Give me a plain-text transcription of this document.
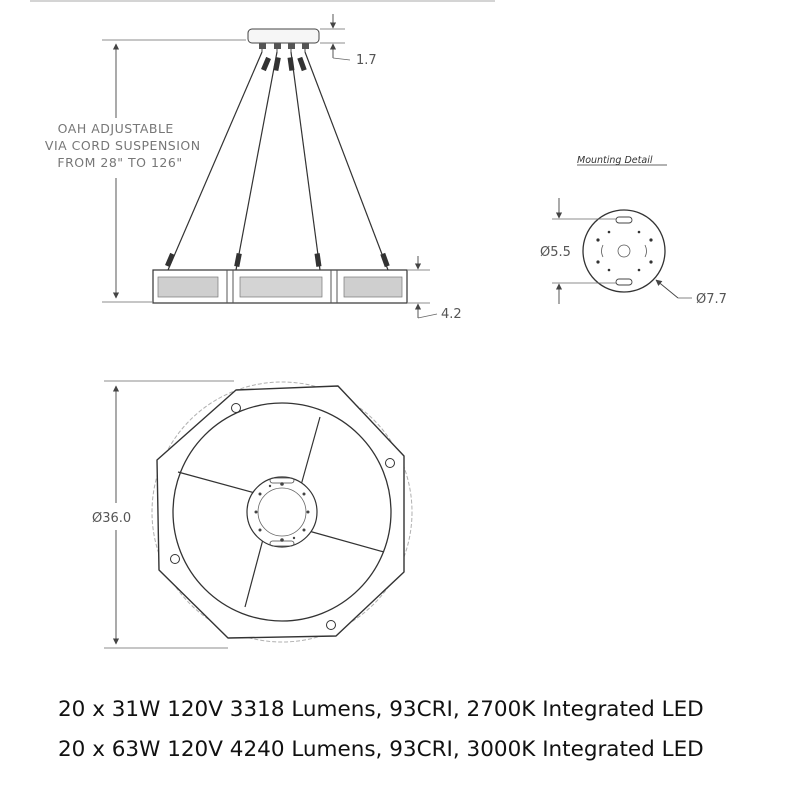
OAH ADJUSTABLE VIA CORD SUSPENSION FROM 28" TO 126"
1.7
4.2
Mounting Detail
Ø5.5
Ø7.7
Ø36.0
20 x 31W 120V 3318 Lumens, 93CRI, 2700K Integrated LED
20 x 63W 120V 4240 Lumens, 93CRI, 3000K Integrated LED
